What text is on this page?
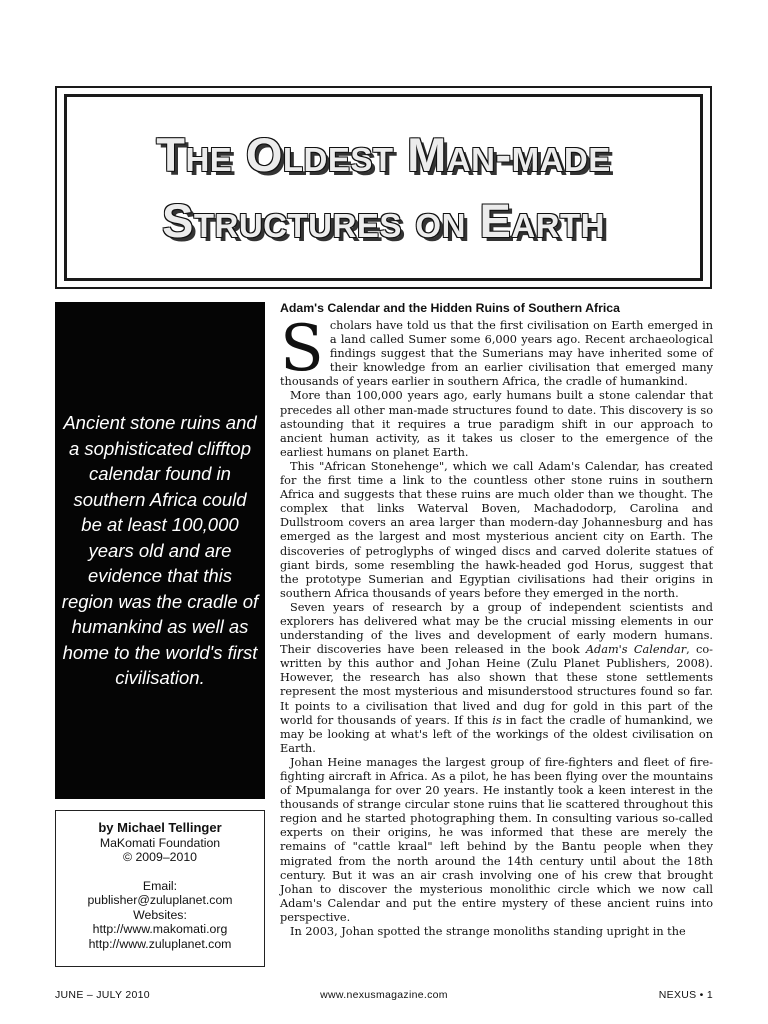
The Oldest Man-made
Structures on Earth
Ancient stone ruins and a sophisticated clifftop calendar found in southern Africa could be at least 100,000 years old and are evidence that this region was the cradle of humankind as well as home to the world's first civilisation.
by Michael Tellinger
MaKomati Foundation
© 2009–2010
Email:
publisher@zuluplanet.com
Websites:
http://www.makomati.org
http://www.zuluplanet.com
Adam's Calendar and the Hidden Ruins of Southern Africa

Scholars have told us that the first civilisation on Earth emerged in a land called Sumer some 6,000 years ago. Recent archaeological findings suggest that the Sumerians may have inherited some of their knowledge from an earlier civilisation that emerged many thousands of years earlier in southern Africa, the cradle of humankind.

More than 100,000 years ago, early humans built a stone calendar that precedes all other man-made structures found to date. This discovery is so astounding that it requires a true paradigm shift in our approach to ancient human activity, as it takes us closer to the emergence of the earliest humans on planet Earth.

This "African Stonehenge", which we call Adam's Calendar, has created for the first time a link to the countless other stone ruins in southern Africa and suggests that these ruins are much older than we thought. The complex that links Waterval Boven, Machadodorp, Carolina and Dullstroom covers an area larger than modern-day Johannesburg and has emerged as the largest and most mysterious ancient city on Earth. The discoveries of petroglyphs of winged discs and carved dolerite statues of giant birds, some resembling the hawk-headed god Horus, suggest that the prototype Sumerian and Egyptian civilisations had their origins in southern Africa thousands of years before they emerged in the north.

Seven years of research by a group of independent scientists and explorers has delivered what may be the crucial missing elements in our understanding of the lives and development of early modern humans. Their discoveries have been released in the book Adam's Calendar, co-written by this author and Johan Heine (Zulu Planet Publishers, 2008). However, the research has also shown that these stone settlements represent the most mysterious and misunderstood structures found so far. It points to a civilisation that lived and dug for gold in this part of the world for thousands of years. If this is in fact the cradle of humankind, we may be looking at what's left of the workings of the oldest civilisation on Earth.

Johan Heine manages the largest group of fire-fighters and fleet of fire-fighting aircraft in Africa. As a pilot, he has been flying over the mountains of Mpumalanga for over 20 years. He instantly took a keen interest in the thousands of strange circular stone ruins that lie scattered throughout this region and he started photographing them. In consulting various so-called experts on their origins, he was informed that these are merely the remains of "cattle kraal" left behind by the Bantu people when they migrated from the north around the 14th century until about the 18th century. But it was an air crash involving one of his crew that brought Johan to discover the mysterious monolithic circle which we now call Adam's Calendar and put the entire mystery of these ancient ruins into perspective.

In 2003, Johan spotted the strange monoliths standing upright in the

JUNE – JULY 2010	www.nexusmagazine.com	NEXUS • 1
